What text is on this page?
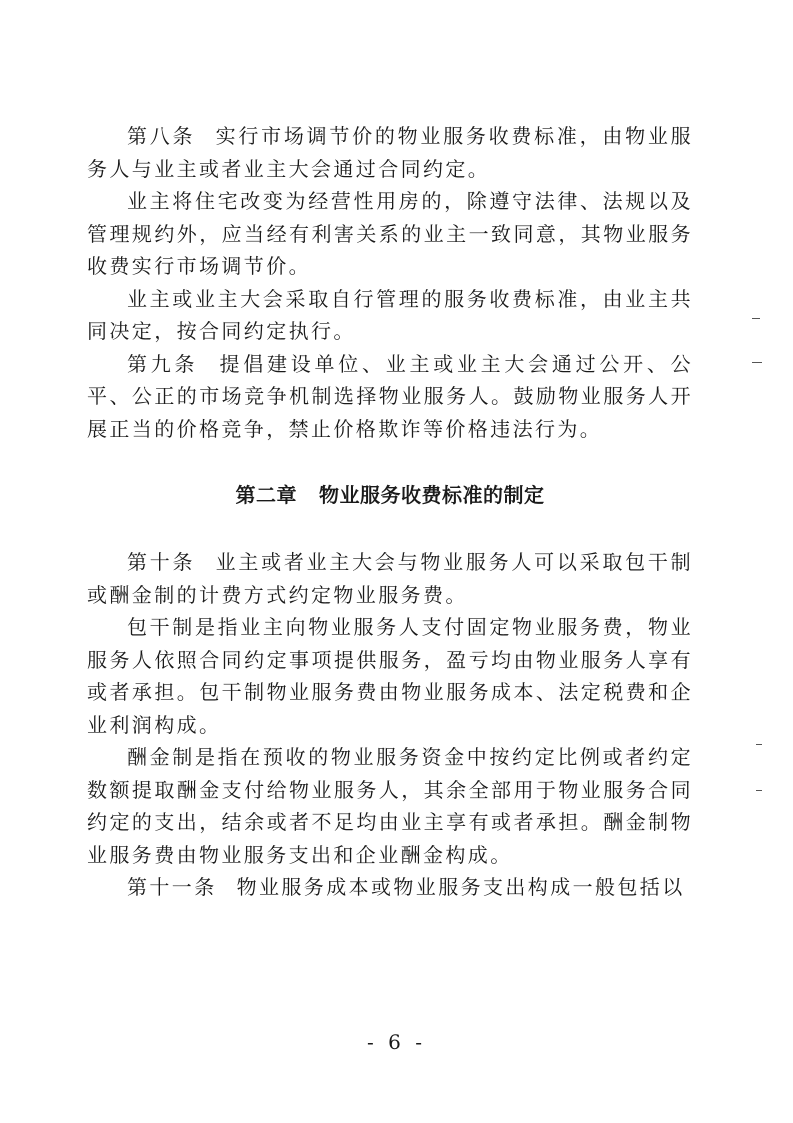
第八条 实行市场调节价的物业服务收费标准，由物业服务人与业主或者业主大会通过合同约定。

业主将住宅改变为经营性用房的，除遵守法律、法规以及管理规约外，应当经有利害关系的业主一致同意，其物业服务收费实行市场调节价。

业主或业主大会采取自行管理的服务收费标准，由业主共同决定，按合同约定执行。

第九条 提倡建设单位、业主或业主大会通过公开、公平、公正的市场竞争机制选择物业服务人。鼓励物业服务人开展正当的价格竞争，禁止价格欺诈等价格违法行为。

第二章 物业服务收费标准的制定

第十条 业主或者业主大会与物业服务人可以采取包干制或酬金制的计费方式约定物业服务费。

包干制是指业主向物业服务人支付固定物业服务费，物业服务人依照合同约定事项提供服务，盈亏均由物业服务人享有或者承担。包干制物业服务费由物业服务成本、法定税费和企业利润构成。

酬金制是指在预收的物业服务资金中按约定比例或者约定数额提取酬金支付给物业服务人，其余全部用于物业服务合同约定的支出，结余或者不足均由业主享有或者承担。酬金制物业服务费由物业服务支出和企业酬金构成。

第十一条 物业服务成本或物业服务支出构成一般包括以

- 6 -
